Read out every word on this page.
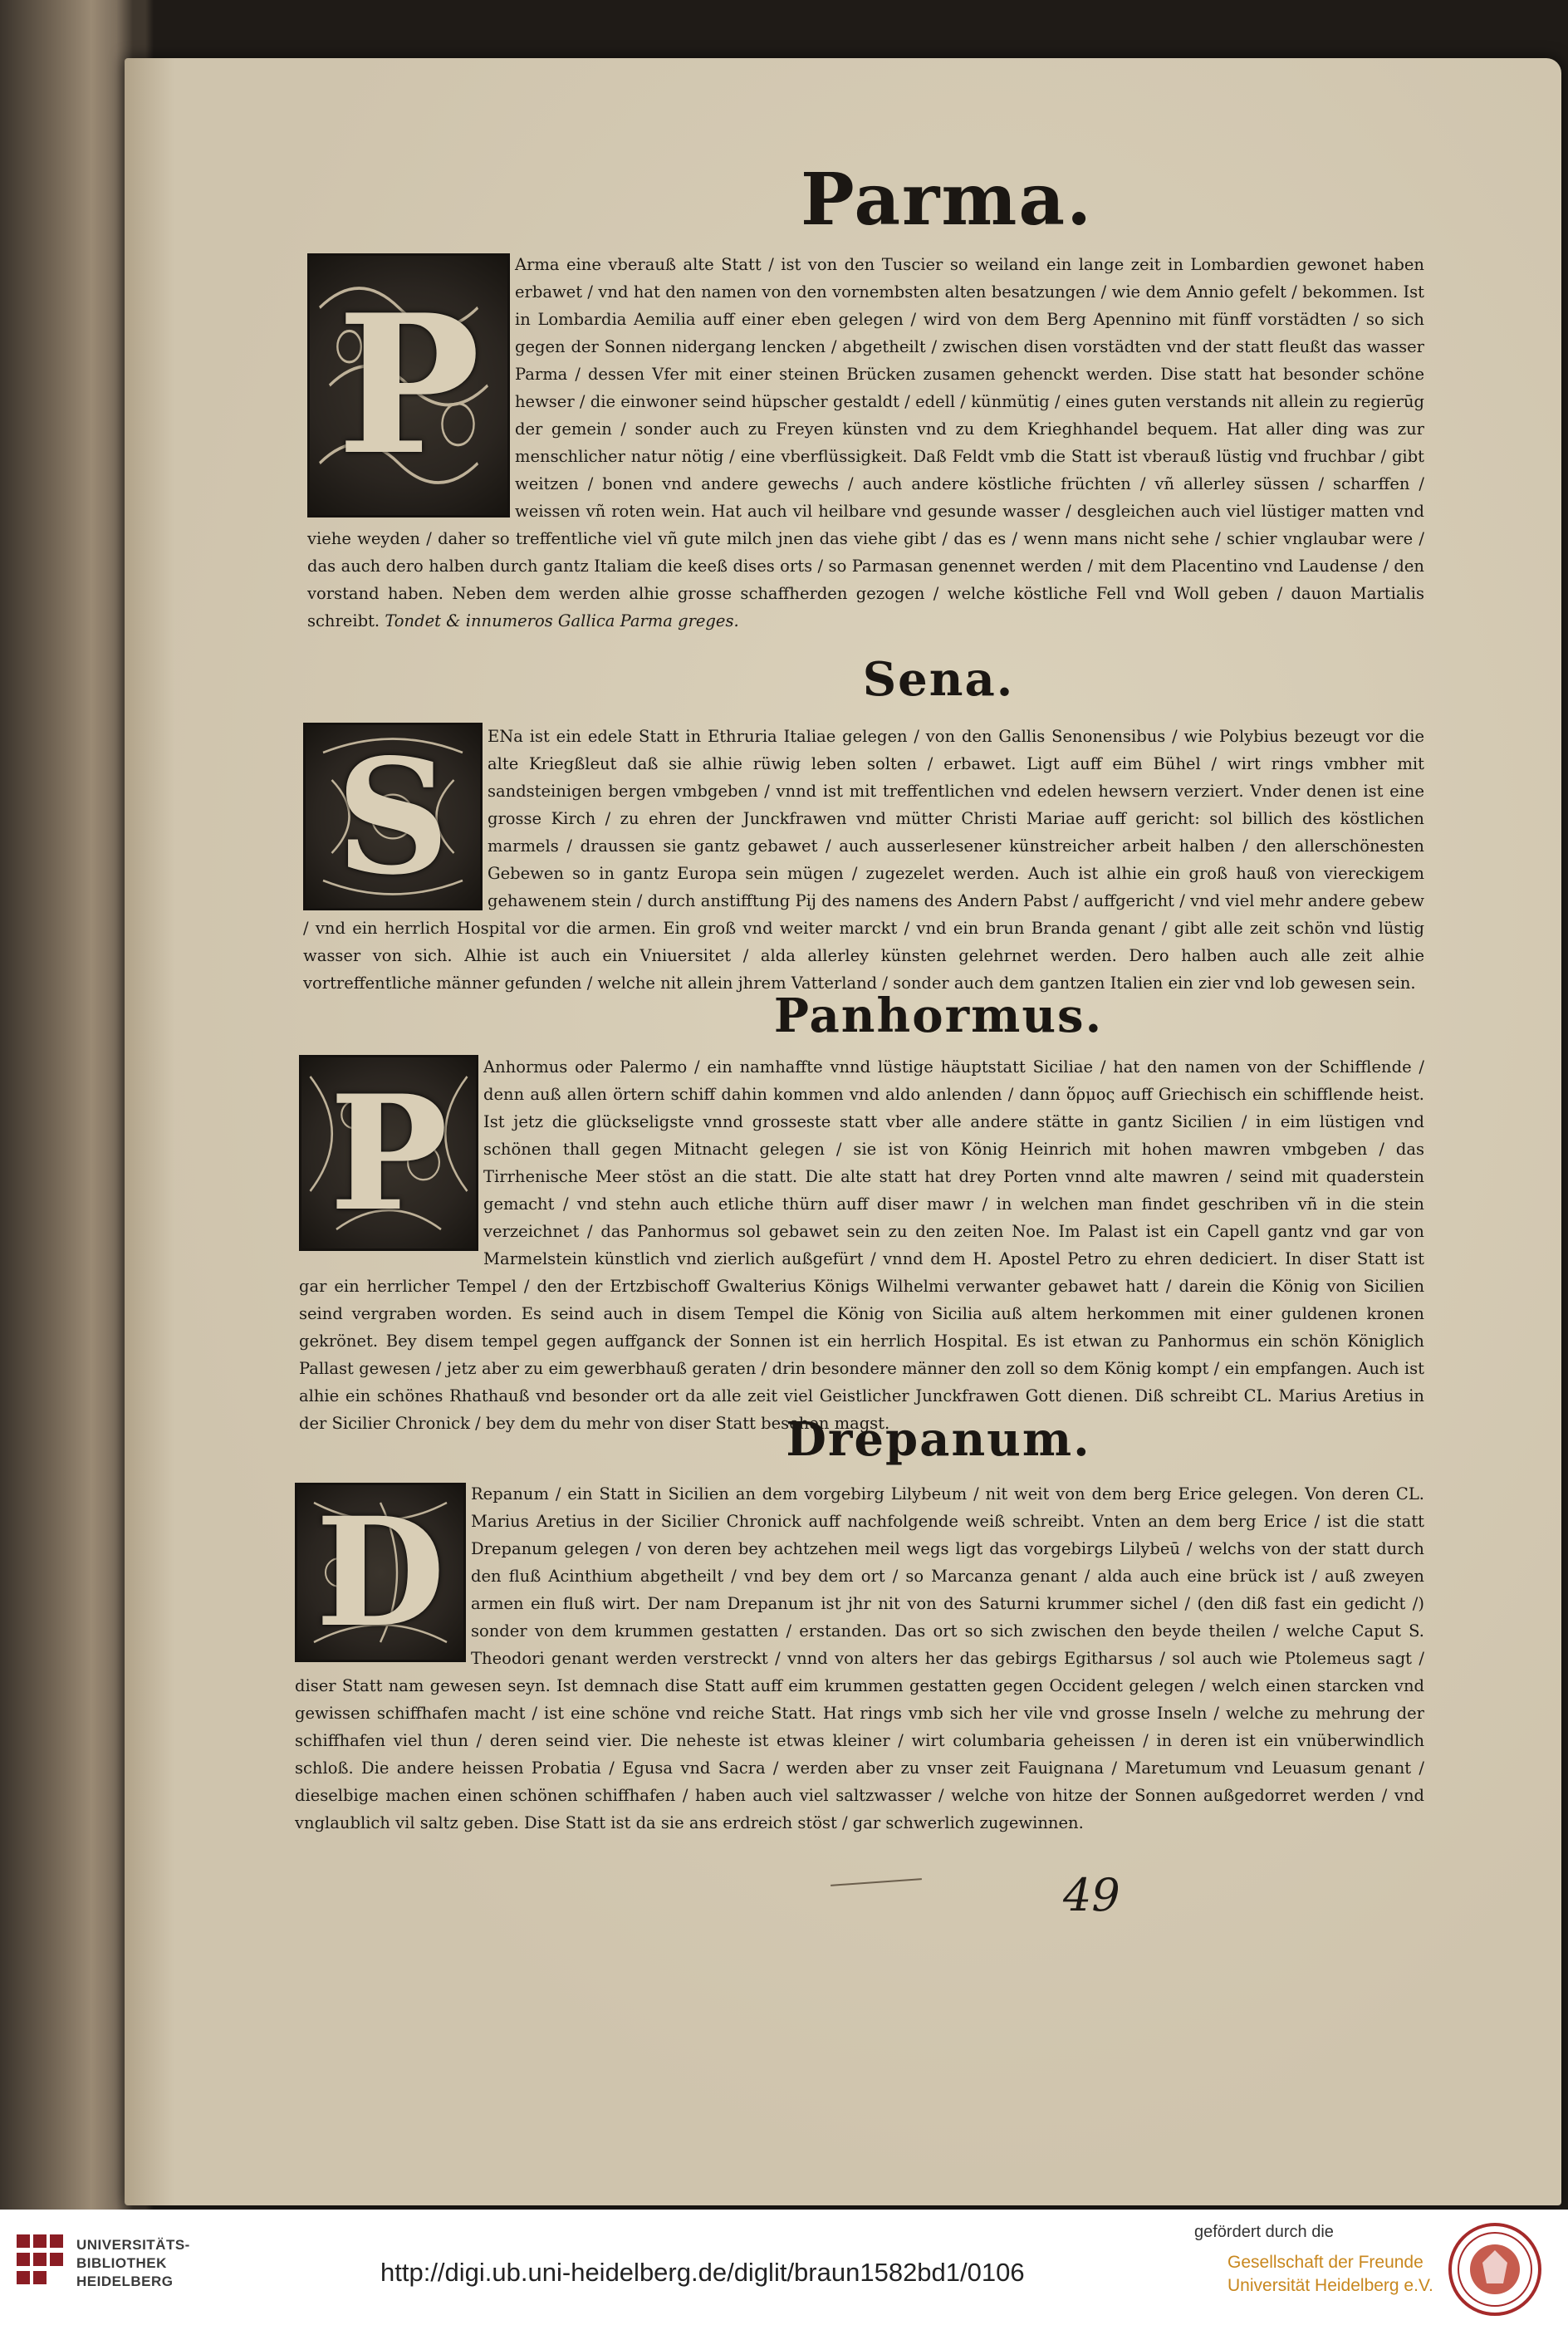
Parma.
P
Arma eine vberauß alte Statt / ist von den Tuscier so weiland ein lange zeit in Lombardien gewonet haben erbawet / vnd hat den namen von den vornembsten alten besatzungen / wie dem Annio gefelt / bekommen. Ist in Lombardia Aemilia auff einer eben gelegen / wird von dem Berg Apennino mit fünff vorstädten / so sich gegen der Sonnen nidergang lencken / abgetheilt / zwischen disen vorstädten vnd der statt fleußt das wasser Parma / dessen Vfer mit einer steinen Brücken zusamen gehenckt werden. Dise statt hat besonder schöne hewser / die einwoner seind hüpscher gestaldt / edell / künmütig / eines guten verstands nit allein zu regierūg der gemein / sonder auch zu Freyen künsten vnd zu dem Krieghhandel bequem. Hat aller ding was zur menschlicher natur nötig / eine vberflüssigkeit. Daß Feldt vmb die Statt ist vberauß lüstig vnd fruchbar / gibt weitzen / bonen vnd andere gewechs / auch andere köstliche früchten / vñ allerley süssen / scharffen / weissen vñ roten wein. Hat auch vil heilbare vnd gesunde wasser / desgleichen auch viel lüstiger matten vnd viehe weyden / daher so treffentliche viel vñ gute milch jnen das viehe gibt / das es / wenn mans nicht sehe / schier vnglaubar were / das auch dero halben durch gantz Italiam die keeß dises orts / so Parmasan genennet werden / mit dem Placentino vnd Laudense / den vorstand haben. Neben dem werden alhie grosse schaffherden gezogen / welche köstliche Fell vnd Woll geben / dauon Martialis schreibt. Tondet & innumeros Gallica Parma greges.
Sena.
S	ENa ist ein edele Statt in Ethruria Italiae gelegen / von den Gallis Senonensibus / wie Polybius bezeugt vor die alte Kriegßleut daß sie alhie rüwig leben solten / erbawet. Ligt auff eim Bühel / wirt rings vmbher mit sandsteinigen bergen vmbgeben / vnnd ist mit treffentlichen vnd edelen hewsern verziert. Vnder denen ist eine grosse Kirch / zu ehren der Junckfrawen vnd mütter Christi Mariae auff gericht: sol billich des köstlichen marmels / draussen sie gantz gebawet / auch ausserlesener künstreicher arbeit halben / den allerschönesten Gebewen so in gantz Europa sein mügen / zugezelet werden. Auch ist alhie ein groß hauß von viereckigem gehawenem stein / durch anstifftung Pij des namens des Andern Pabst / auffgericht / vnd viel mehr andere gebew / vnd ein herrlich Hospital vor die armen. Ein groß vnd weiter marckt / vnd ein brun Branda genant / gibt alle zeit schön vnd lüstig wasser von sich. Alhie ist auch ein Vniuersitet / alda allerley künsten gelehrnet werden. Dero halben auch alle zeit alhie vortreffentliche männer gefunden / welche nit allein jhrem Vatterland / sonder auch dem gantzen Italien ein zier vnd lob gewesen sein.
Panhormus.
P	Anhormus oder Palermo / ein namhaffte vnnd lüstige häuptstatt Siciliae / hat den namen von der Schifflende / denn auß allen örtern schiff dahin kommen vnd aldo anlenden / dann ὅρμος auff Griechisch ein schifflende heist. Ist jetz die glückseligste vnnd grosseste statt vber alle andere stätte in gantz Sicilien / in eim lüstigen vnd schönen thall gegen Mitnacht gelegen / sie ist von König Heinrich mit hohen mawren vmbgeben / das Tirrhenische Meer stöst an die statt. Die alte statt hat drey Porten vnnd alte mawren / seind mit quaderstein gemacht / vnd stehn auch etliche thürn auff diser mawr / in welchen man findet geschriben vñ in die stein verzeichnet / das Panhormus sol gebawet sein zu den zeiten Noe. Im Palast ist ein Capell gantz vnd gar von Marmelstein künstlich vnd zierlich außgefürt / vnnd dem H. Apostel Petro zu ehren dediciert. In diser Statt ist gar ein herrlicher Tempel / den der Ertzbischoff Gwalterius Königs Wilhelmi verwanter gebawet hatt / darein die König von Sicilien seind vergraben worden. Es seind auch in disem Tempel die König von Sicilia auß altem herkommen mit einer guldenen kronen gekrönet. Bey disem tempel gegen auffganck der Sonnen ist ein herrlich Hospital. Es ist etwan zu Panhormus ein schön Königlich Pallast gewesen / jetz aber zu eim gewerbhauß geraten / drin besondere männer den zoll so dem König kompt / ein empfangen. Auch ist alhie ein schönes Rhathauß vnd besonder ort da alle zeit viel Geistlicher Junckfrawen Gott dienen. Diß schreibt CL. Marius Aretius in der Sicilier Chronick / bey dem du mehr von diser Statt besehen magst.
Drepanum.
D	Repanum / ein Statt in Sicilien an dem vorgebirg Lilybeum / nit weit von dem berg Erice gelegen. Von deren CL. Marius Aretius in der Sicilier Chronick auff nachfolgende weiß schreibt. Vnten an dem berg Erice / ist die statt Drepanum gelegen / von deren bey achtzehen meil wegs ligt das vorgebirgs Lilybeū / welchs von der statt durch den fluß Acinthium abgetheilt / vnd bey dem ort / so Marcanza genant / alda auch eine brück ist / auß zweyen armen ein fluß wirt. Der nam Drepanum ist jhr nit von des Saturni krummer sichel / (den diß fast ein gedicht /) sonder von dem krummen gestatten / erstanden. Das ort so sich zwischen den beyde theilen / welche Caput S. Theodori genant werden verstreckt / vnnd von alters her das gebirgs Egitharsus / sol auch wie Ptolemeus sagt / diser Statt nam gewesen seyn. Ist demnach dise Statt auff eim krummen gestatten gegen Occident gelegen / welch einen starcken vnd gewissen schiffhafen macht / ist eine schöne vnd reiche Statt. Hat rings vmb sich her vile vnd grosse Inseln / welche zu mehrung der schiffhafen viel thun / deren seind vier. Die neheste ist etwas kleiner / wirt columbaria geheissen / in deren ist ein vnüberwindlich schloß. Die andere heissen Probatia / Egusa vnd Sacra / werden aber zu vnser zeit Fauignana / Maretumum vnd Leuasum genant / dieselbige machen einen schönen schiffhafen / haben auch viel saltzwasser / welche von hitze der Sonnen außgedorret werden / vnd vnglaublich vil saltz geben. Dise Statt ist da sie ans erdreich stöst / gar schwerlich zugewinnen.
49
UNIVERSITÄTS-
BIBLIOTHEK
HEIDELBERG	http://digi.ub.uni-heidelberg.de/diglit/braun1582bd1/0106
gefördert durch die
Gesellschaft der Freunde
Universität Heidelberg e.V.
